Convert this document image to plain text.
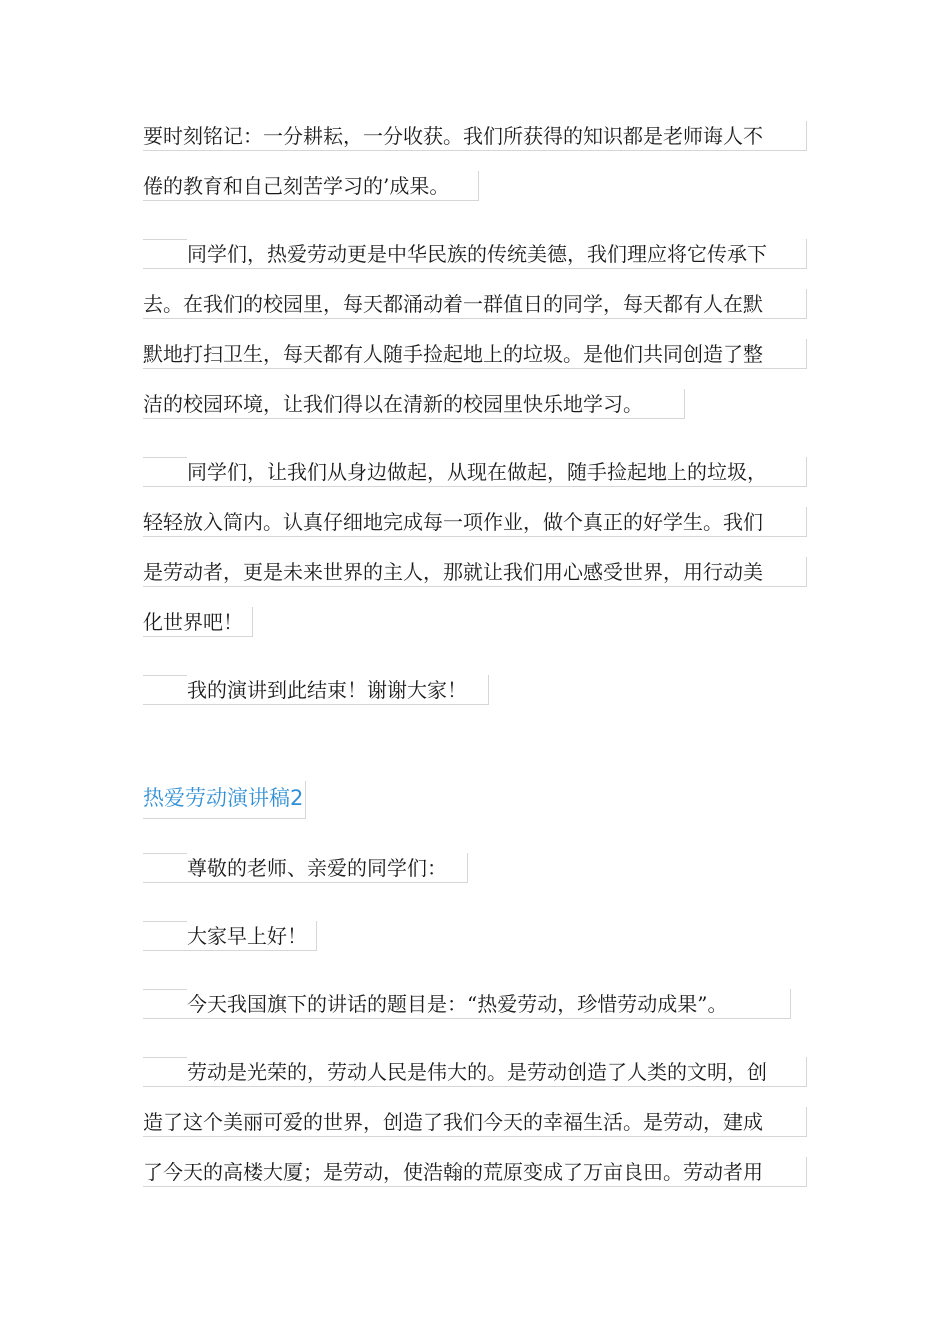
要时刻铭记：一分耕耘，一分收获。我们所获得的知识都是老师诲人不
倦的教育和自己刻苦学习的’成果。
同学们，热爱劳动更是中华民族的传统美德，我们理应将它传承下
去。在我们的校园里，每天都涌动着一群值日的同学，每天都有人在默
默地打扫卫生，每天都有人随手捡起地上的垃圾。是他们共同创造了整
洁的校园环境，让我们得以在清新的校园里快乐地学习。
同学们，让我们从身边做起，从现在做起，随手捡起地上的垃圾，
轻轻放入筒内。认真仔细地完成每一项作业，做个真正的好学生。我们
是劳动者，更是未来世界的主人，那就让我们用心感受世界，用行动美
化世界吧！
我的演讲到此结束！谢谢大家！
热爱劳动演讲稿2
尊敬的老师、亲爱的同学们：
大家早上好！
今天我国旗下的讲话的题目是：“热爱劳动，珍惜劳动成果”。
劳动是光荣的，劳动人民是伟大的。是劳动创造了人类的文明，创
造了这个美丽可爱的世界，创造了我们今天的幸福生活。是劳动，建成
了今天的高楼大厦；是劳动，使浩翰的荒原变成了万亩良田。劳动者用
